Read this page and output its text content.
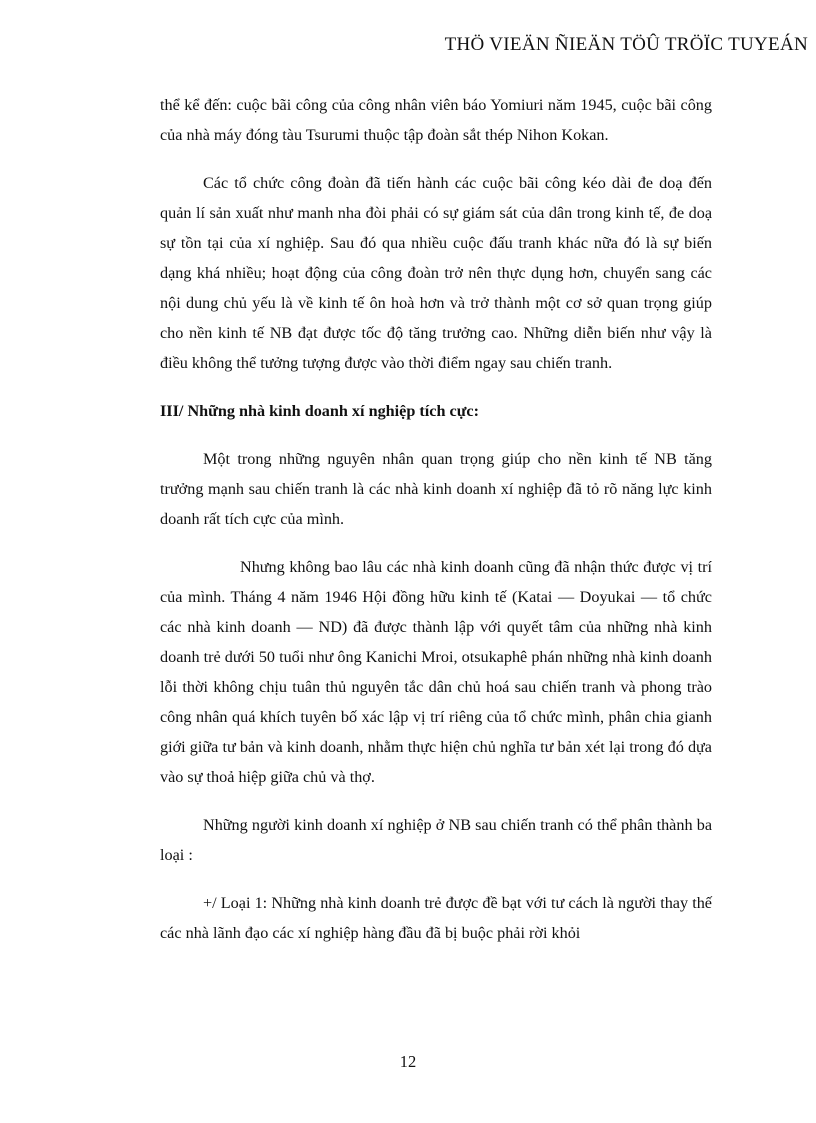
THÖ VIEÄN ÑIEÄN TÖÛ TRÖÏC TUYEÁN

thể kể đến: cuộc bãi công của công nhân viên báo Yomiuri năm 1945, cuộc bãi công của nhà máy đóng tàu Tsurumi thuộc tập đoàn sắt thép Nihon Kokan.

Các tổ chức công đoàn đã tiến hành các cuộc bãi công kéo dài đe doạ đến quản lí sản xuất như manh nha đòi phải có sự giám sát của dân trong kinh tế, đe doạ sự tồn tại của xí nghiệp. Sau đó qua nhiều cuộc đấu tranh khác nữa đó là sự biến dạng khá nhiều; hoạt động của công đoàn trở nên thực dụng hơn, chuyển sang các nội dung chủ yếu là về kinh tế ôn hoà hơn và trở thành một cơ sở quan trọng giúp cho nền kinh tế NB đạt được tốc độ tăng trưởng cao. Những diễn biến như vậy là điều không thể tưởng tượng được vào thời điểm ngay sau chiến tranh.

III/ Những nhà kinh doanh xí nghiệp tích cực:

Một trong những nguyên nhân quan trọng giúp cho nền kinh tế NB tăng trưởng mạnh sau chiến tranh là các nhà kinh doanh xí nghiệp đã tỏ rõ năng lực kinh doanh rất tích cực của mình.

Nhưng không bao lâu các nhà kinh doanh cũng đã nhận thức được vị trí của mình. Tháng 4 năm 1946 Hội đồng hữu kinh tế (Katai — Doyukai — tổ chức các nhà kinh doanh — ND) đã được thành lập với quyết tâm của những nhà kinh doanh trẻ dưới 50 tuổi như ông Kanichi Mroi, otsukaphê phán những nhà kinh doanh lỗi thời không chịu tuân thủ nguyên tắc dân chủ hoá sau chiến tranh và phong trào công nhân quá khích tuyên bố xác lập vị trí riêng của tổ chức mình, phân chia gianh giới giữa tư bản và kinh doanh, nhằm thực hiện chủ nghĩa tư bản xét lại trong đó dựa vào sự thoả hiệp giữa chủ và thợ.

Những người kinh doanh xí nghiệp ở NB sau chiến tranh có thể phân thành ba loại :

+/ Loại 1: Những nhà kinh doanh trẻ được đề bạt với tư cách là người thay thế các nhà lãnh đạo các xí nghiệp hàng đầu đã bị buộc phải rời khỏi

12
